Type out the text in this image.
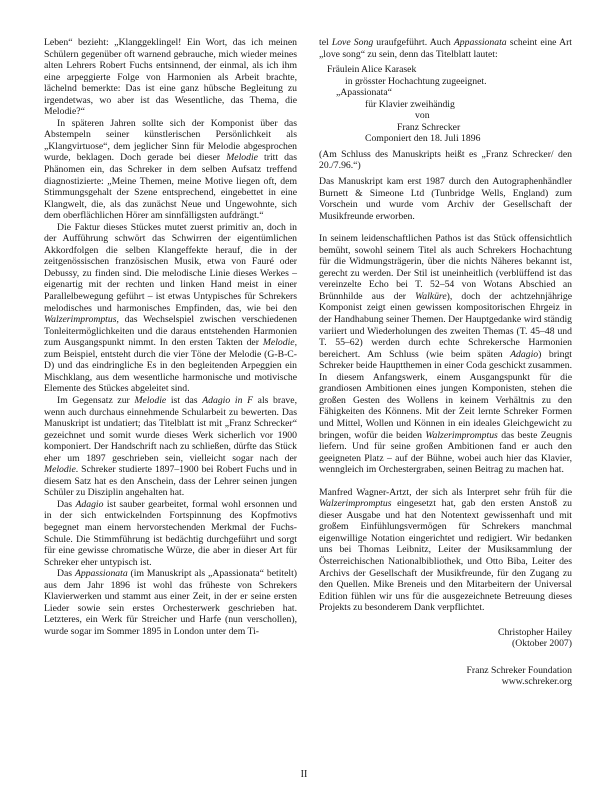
Leben“ bezieht: „Klanggeklingel! Ein Wort, das ich meinen Schülern gegenüber oft warnend gebrauche, mich wieder meines alten Lehrers Robert Fuchs entsinnend, der einmal, als ich ihm eine arpeggierte Folge von Harmonien als Arbeit brachte, lächelnd bemerkte: Das ist eine ganz hübsche Begleitung zu irgendetwas, wo aber ist das Wesentliche, das Thema, die Melodie?“

In späteren Jahren sollte sich der Komponist über das Abstempeln seiner künstlerischen Persönlichkeit als „Klangvirtuose“, dem jeglicher Sinn für Melodie abgesprochen wurde, beklagen. Doch gerade bei dieser Melodie tritt das Phänomen ein, das Schreker in dem selben Aufsatz treffend diagnostizierte: „Meine Themen, meine Motive liegen oft, dem Stimmungsgehalt der Szene entsprechend, eingebettet in eine Klangwelt, die, als das zunächst Neue und Ungewohnte, sich dem oberflächlichen Hörer am sinnfälligsten aufdrängt.“

Die Faktur dieses Stückes mutet zuerst primitiv an, doch in der Aufführung schwört das Schwirren der eigentümlichen Akkordfolgen die selben Klangeffekte herauf, die in der zeitgenössischen französischen Musik, etwa von Fauré oder Debussy, zu finden sind. Die melodische Linie dieses Werkes – eigenartig mit der rechten und linken Hand meist in einer Parallelbewegung geführt – ist etwas Untypisches für Schrekers melodisches und harmonisches Empfinden, das, wie bei den Walzerimpromptus, das Wechselspiel zwischen verschiedenen Tonleitermöglichkeiten und die daraus entstehenden Harmonien zum Ausgangspunkt nimmt. In den ersten Takten der Melodie, zum Beispiel, entsteht durch die vier Töne der Melodie (G-B-C-D) und das eindringliche Es in den begleitenden Arpeggien ein Mischklang, aus dem wesentliche harmonische und motivische Elemente des Stückes abgeleitet sind.

Im Gegensatz zur Melodie ist das Adagio in F als brave, wenn auch durchaus einnehmende Schularbeit zu bewerten. Das Manuskript ist undatiert; das Titelblatt ist mit „Franz Schrecker“ gezeichnet und somit wurde dieses Werk sicherlich vor 1900 komponiert. Der Handschrift nach zu schließen, dürfte das Stück eher um 1897 geschrieben sein, vielleicht sogar nach der Melodie. Schreker studierte 1897–1900 bei Robert Fuchs und in diesem Satz hat es den Anschein, dass der Lehrer seinen jungen Schüler zu Disziplin angehalten hat.

Das Adagio ist sauber gearbeitet, formal wohl ersonnen und in der sich entwickelnden Fortspinnung des Kopfmotivs begegnet man einem hervorstechenden Merkmal der Fuchs-Schule. Die Stimmführung ist bedächtig durchgeführt und sorgt für eine gewisse chromatische Würze, die aber in dieser Art für Schreker eher untypisch ist.

Das Appassionata (im Manuskript als „Apassionata“ betitelt) aus dem Jahr 1896 ist wohl das früheste von Schrekers Klavierwerken und stammt aus einer Zeit, in der er seine ersten Lieder sowie sein erstes Orchesterwerk geschrieben hat. Letzteres, ein Werk für Streicher und Harfe (nun verschollen), wurde sogar im Sommer 1895 in London unter dem Ti-

tel Love Song uraufgeführt. Auch Appassionata scheint eine Art „love song“ zu sein, denn das Titelblatt lautet:

Fräulein Alice Karasek
in grösster Hochachtung zugeeignet.
„Apassionata“
für Klavier zweihändig
von
Franz Schrecker
Componiert den 18. Juli 1896

(Am Schluss des Manuskripts heißt es „Franz Schrecker/ den 20./7.96.“)

Das Manuskript kam erst 1987 durch den Autographenhändler Burnett & Simeone Ltd (Tunbridge Wells, England) zum Vorschein und wurde vom Archiv der Gesellschaft der Musikfreunde erworben.

In seinem leidenschaftlichen Pathos ist das Stück offensichtlich bemüht, sowohl seinem Titel als auch Schrekers Hochachtung für die Widmungsträgerin, über die nichts Näheres bekannt ist, gerecht zu werden. Der Stil ist uneinheitlich (verblüffend ist das vereinzelte Echo bei T. 52–54 von Wotans Abschied an Brünnhilde aus der Walküre), doch der achtzehnjährige Komponist zeigt einen gewissen kompositorischen Ehrgeiz in der Handhabung seiner Themen. Der Hauptgedanke wird ständig variiert und Wiederholungen des zweiten Themas (T. 45–48 und T. 55–62) werden durch echte Schrekersche Harmonien bereichert. Am Schluss (wie beim späten Adagio) bringt Schreker beide Hauptthemen in einer Coda geschickt zusammen. In diesem Anfangswerk, einem Ausgangspunkt für die grandiosen Ambitionen eines jungen Komponisten, stehen die großen Gesten des Wollens in keinem Verhältnis zu den Fähigkeiten des Könnens. Mit der Zeit lernte Schreker Formen und Mittel, Wollen und Können in ein ideales Gleichgewicht zu bringen, wofür die beiden Walzerimpromptus das beste Zeugnis liefern. Und für seine großen Ambitionen fand er auch den geeigneten Platz – auf der Bühne, wobei auch hier das Klavier, wenngleich im Orchestergraben, seinen Beitrag zu machen hat.

Manfred Wagner-Artzt, der sich als Interpret sehr früh für die Walzerimpromptus eingesetzt hat, gab den ersten Anstoß zu dieser Ausgabe und hat den Notentext gewissenhaft und mit großem Einfühlungsvermögen für Schrekers manchmal eigenwillige Notation eingerichtet und redigiert. Wir bedanken uns bei Thomas Leibnitz, Leiter der Musiksammlung der Österreichischen Nationalbibliothek, und Otto Biba, Leiter des Archivs der Gesellschaft der Musikfreunde, für den Zugang zu den Quellen. Mike Breneis und den Mitarbeitern der Universal Edition fühlen wir uns für die ausgezeichnete Betreuung dieses Projekts zu besonderem Dank verpflichtet.

Christopher Hailey
(Oktober 2007)
Franz Schreker Foundation
www.schreker.org
II
